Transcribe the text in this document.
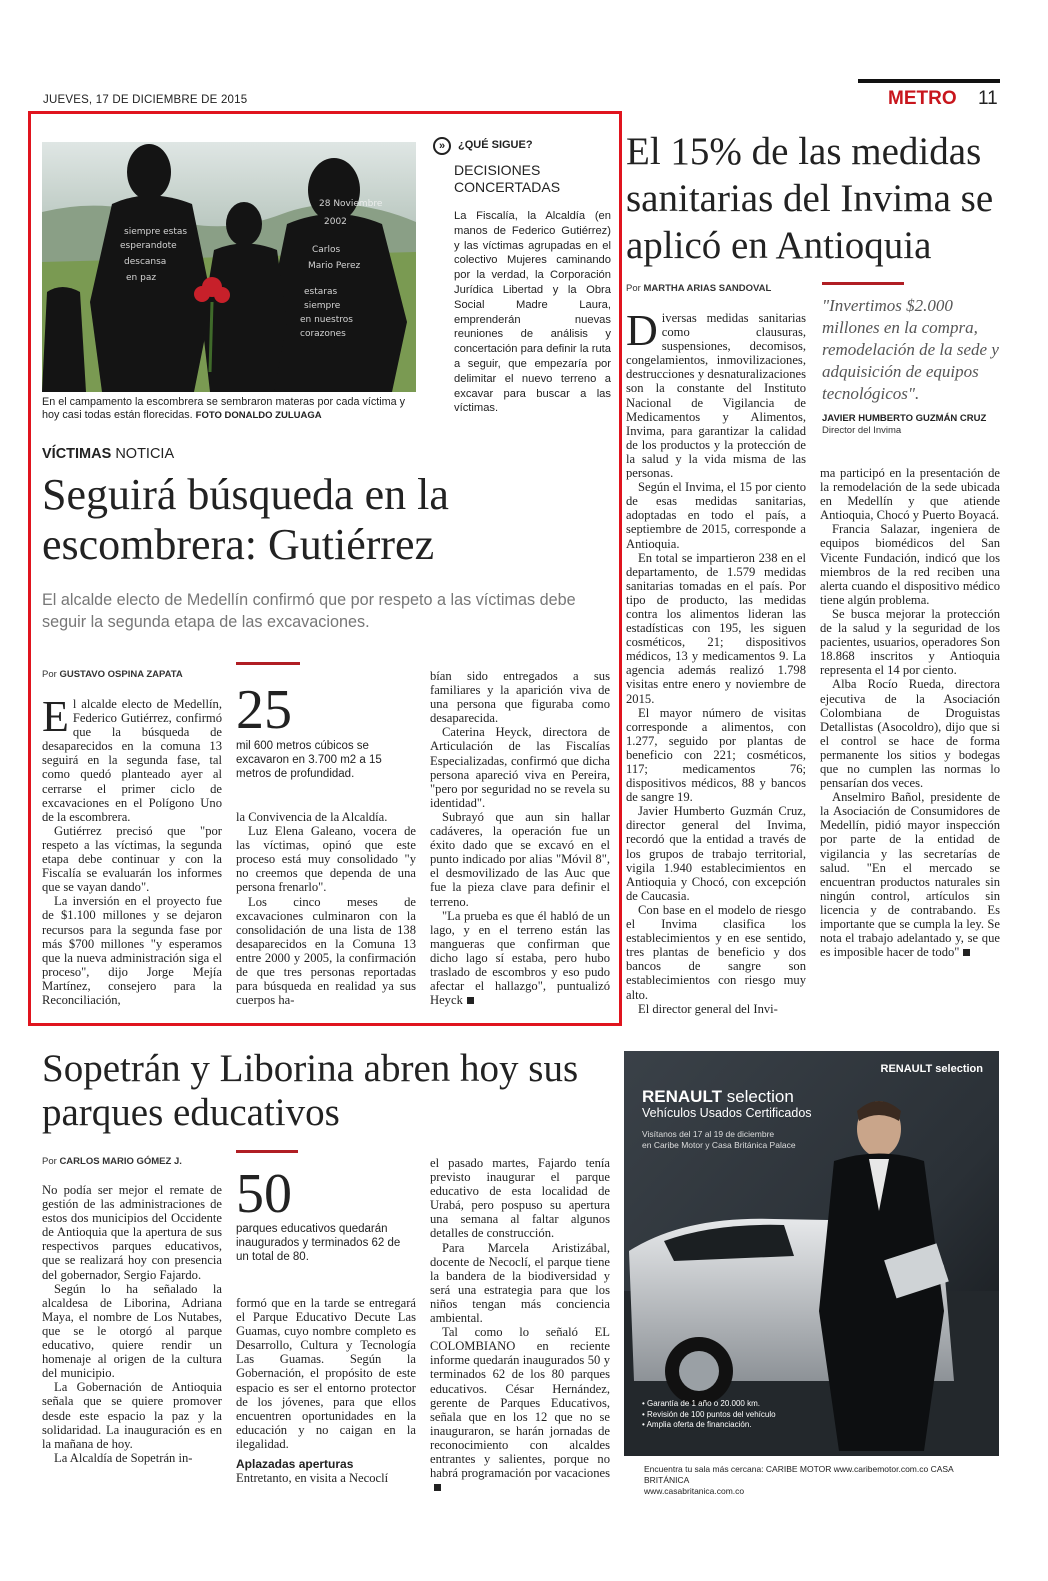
JUEVES, 17 DE DICIEMBRE DE 2015	METRO 11
siempre estas
esperandote
descansa
en paz
28 Noviembre
2002
Carlos
Mario Perez
estaras
siempre
en nuestros
corazones
En el campamento la escombrera se sembraron materas por cada víctima y hoy casi todas están florecidas. FOTO DONALDO ZULUAGA
»	¿QUÉ SIGUE?
DECISIONES
CONCERTADAS
La Fiscalía, la Alcaldía (en manos de Federico Gutiérrez) y las víctimas agrupadas en el colectivo Mujeres caminando por la verdad, la Corporación Jurídica Libertad y la Obra Social Madre Laura, emprenderán nuevas reuniones de análisis y concertación para definir la ruta a seguir, que empezaría por delimitar el nuevo terreno a excavar para buscar a las víctimas.
VÍCTIMAS NOTICIA
Seguirá búsqueda en la escombrera: Gutiérrez
El alcalde electo de Medellín confirmó que por respeto a las víctimas debe seguir la segunda etapa de las excavaciones.
Por GUSTAVO OSPINA ZAPATA
25
mil 600 metros cúbicos se excavaron en 3.700 m2 a 15 metros de profundidad.

El alcalde electo de Medellín, Federico Gutiérrez, confirmó que la búsqueda de desaparecidos en la comuna 13 seguirá en la segunda fase, tal como quedó planteado ayer al cerrarse el primer ciclo de excavaciones en el Polígono Uno de la escombrera.

Gutiérrez precisó que "por respeto a las víctimas, la segunda etapa debe continuar y con la Fiscalía se evaluarán los informes que se vayan dando".

La inversión en el proyecto fue de $1.100 millones y se dejaron recursos para la segunda fase por más $700 millones "y esperamos que la nueva administración siga el proceso", dijo Jorge Mejía Martínez, consejero para la Reconciliación,

la Convivencia de la Alcaldía.

Luz Elena Galeano, vocera de las víctimas, opinó que este proceso está muy consolidado "y no creemos que dependa de una persona frenarlo".

Los cinco meses de excavaciones culminaron con la consolidación de una lista de 138 desaparecidos en la Comuna 13 entre 2000 y 2005, la confirmación de que tres personas reportadas para búsqueda en realidad ya sus cuerpos ha-

bían sido entregados a sus familiares y la aparición viva de una persona que figuraba como desaparecida.

Caterina Heyck, directora de Articulación de las Fiscalías Especializadas, confirmó que dicha persona apareció viva en Pereira, "pero por seguridad no se revela su identidad".

Subrayó que aun sin hallar cadáveres, la operación fue un éxito dado que se excavó en el punto indicado por alias "Móvil 8", el desmovilizado de las Auc que fue la pieza clave para definir el terreno.

"La prueba es que él habló de un lago, y en el terreno están las mangueras que confirman que dicho lago sí estaba, pero hubo traslado de escombros y eso pudo afectar el hallazgo", puntualizó Heyck

El 15% de las medidas sanitarias del Invima se aplicó en Antioquia
Por MARTHA ARIAS SANDOVAL
"Invertimos $2.000 millones en la compra, remodelación de la sede y adquisición de equipos tecnológicos".
JAVIER HUMBERTO GUZMÁN CRUZ
Director del Invima

Diversas medidas sanitarias como clausuras, suspensiones, decomisos, congelamientos, inmovilizaciones, destrucciones y desnaturalizaciones son la constante del Instituto Nacional de Vigilancia de Medicamentos y Alimentos, Invima, para garantizar la calidad de los productos y la protección de la salud y la vida misma de las personas.

Según el Invima, el 15 por ciento de esas medidas sanitarias, adoptadas en todo el país, a septiembre de 2015, corresponde a Antioquia.

En total se impartieron 238 en el departamento, de 1.579 medidas sanitarias tomadas en el país. Por tipo de producto, las medidas contra los alimentos lideran las estadísticas con 195, les siguen cosméticos, 21; dispositivos médicos, 13 y medicamentos 9. La agencia además realizó 1.798 visitas entre enero y noviembre de 2015.

El mayor número de visitas corresponde a alimentos, con 1.277, seguido por plantas de beneficio con 221; cosméticos, 117; medicamentos 76; dispositivos médicos, 88 y bancos de sangre 19.

Javier Humberto Guzmán Cruz, director general del Invima, recordó que la entidad a través de los grupos de trabajo territorial, vigila 1.940 establecimientos en Antioquia y Chocó, con excepción de Caucasia.

Con base en el modelo de riesgo el Invima clasifica los establecimientos y en ese sentido, tres plantas de beneficio y dos bancos de sangre son establecimientos con riesgo muy alto.

El director general del Invi-

ma participó en la presentación de la remodelación de la sede ubicada en Medellín y que atiende Antioquia, Chocó y Puerto Boyacá.

Francia Salazar, ingeniera de equipos biomédicos del San Vicente Fundación, indicó que los miembros de la red reciben una alerta cuando el dispositivo médico tiene algún problema.

Se busca mejorar la protección de la salud y la seguridad de los pacientes, usuarios, operadores Son 18.868 inscritos y Antioquia representa el 14 por ciento.

Alba Rocío Rueda, directora ejecutiva de la Asociación Colombiana de Droguistas Detallistas (Asocoldro), dijo que si el control se hace de forma permanente los sitios y bodegas que no cumplen las normas lo pensarían dos veces.

Anselmiro Bañol, presidente de la Asociación de Consumidores de Medellín, pidió mayor inspección por parte de la entidad de vigilancia y las secretarías de salud. "En el mercado se encuentran productos naturales sin ningún control, artículos sin licencia y de contrabando. Es importante que se cumpla la ley. Se nota el trabajo adelantado y, se que es imposible hacer de todo"

Sopetrán y Liborina abren hoy sus parques educativos
Por CARLOS MARIO GÓMEZ J.
50
parques educativos quedarán inaugurados y terminados 62 de un total de 80.

No podía ser mejor el remate de gestión de las administraciones de estos dos municipios del Occidente de Antioquia que la apertura de sus respectivos parques educativos, que se realizará hoy con presencia del gobernador, Sergio Fajardo.

Según lo ha señalado la alcaldesa de Liborina, Adriana Maya, el nombre de Los Nutabes, que se le otorgó al parque educativo, quiere rendir un homenaje al origen de la cultura del municipio.

La Gobernación de Antioquia señala que se quiere promover desde este espacio la paz y la solidaridad. La inauguración es en la mañana de hoy.

La Alcaldía de Sopetrán in-

formó que en la tarde se entregará el Parque Educativo Decute Las Guamas, cuyo nombre completo es Desarrollo, Cultura y Tecnología Las Guamas. Según la Gobernación, el propósito de este espacio es ser el entorno protector de los jóvenes, para que ellos encuentren oportunidades en la educación y no caigan en la ilegalidad.

Aplazadas aperturas

Entretanto, en visita a Necoclí

el pasado martes, Fajardo tenía previsto inaugurar el parque educativo de esta localidad de Urabá, pero pospuso su apertura una semana al faltar algunos detalles de construcción.

Para Marcela Aristizábal, docente de Necoclí, el parque tiene la bandera de la biodiversidad y será una estrategia para que los niños tengan más conciencia ambiental.

Tal como lo señaló EL COLOMBIANO en reciente informe quedarán inaugurados 50 y terminados 62 de los 80 parques educativos. César Hernández, gerente de Parques Educativos, señala que en los 12 que no se inauguraron, se harán jornadas de reconocimiento con alcaldes entrantes y salientes, porque no habrá programación por vacaciones

RENAULT selection
RENAULT selection
Vehículos Usados Certificados
Visítanos del 17 al 19 de diciembre
en Caribe Motor y Casa Británica Palace
• Garantía de 1 año o 20.000 km.
• Revisión de 100 puntos del vehículo
• Amplia oferta de financiación.
Encuentra tu sala más cercana: CARIBE MOTOR www.caribemotor.com.co CASA BRITÁNICA
www.casabritanica.com.co
